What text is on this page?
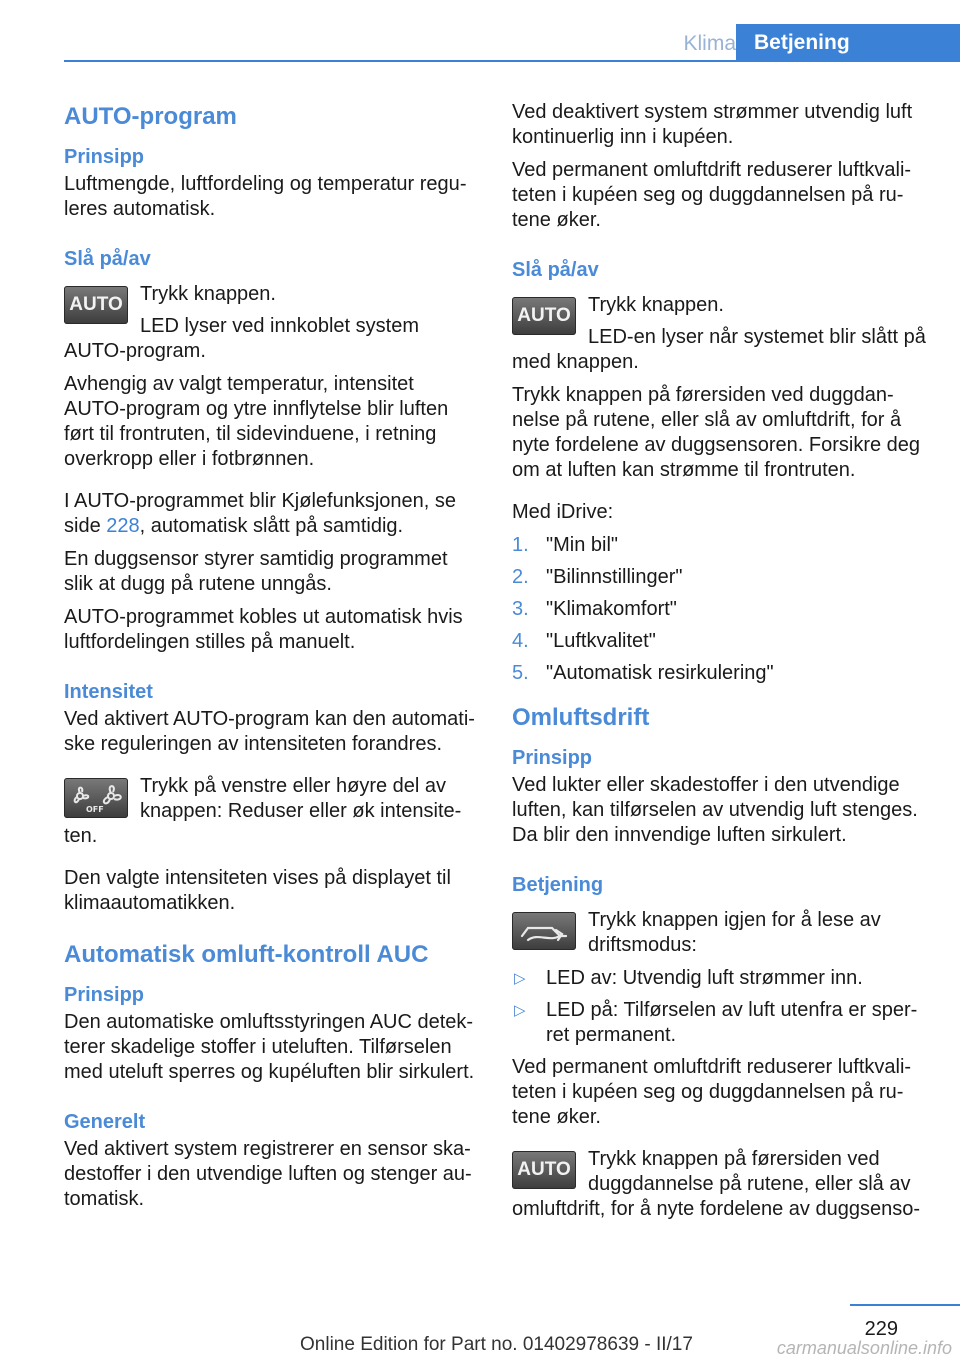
Klima Betjening
AUTO-program
Prinsipp

Luftmengde, luftfordeling og temperatur reguleres automatisk.

Slå på/av
AUTO Trykk knappen.

LED lyser ved innkoblet system AUTO-program.

Avhengig av valgt temperatur, intensitet AUTO-program og ytre innflytelse blir luften ført til frontruten, til sidevinduene, i retning overkropp eller i fotbrønnen.

I AUTO-programmet blir Kjølefunksjonen, se side 228, automatisk slått på samtidig.

En duggsensor styrer samtidig programmet slik at dugg på rutene unngås.

AUTO-programmet kobles ut automatisk hvis luftfordelingen stilles på manuelt.

Intensitet

Ved aktivert AUTO-program kan den automatiske reguleringen av intensiteten forandres.

OFF

Trykk på venstre eller høyre del av knappen: Reduser eller øk intensiteten.

Den valgte intensiteten vises på displayet til klimaautomatikken.

Automatisk omluft-kontroll AUC
Prinsipp

Den automatiske omluftsstyringen AUC detekterer skadelige stoffer i uteluften. Tilførselen med uteluft sperres og kupéluften blir sirkulert.

Generelt

Ved aktivert system registrerer en sensor skadestoffer i den utvendige luften og stenger automatisk.

Ved deaktivert system strømmer utvendig luft kontinuerlig inn i kupéen.

Ved permanent omluftdrift reduserer luftkvaliteten i kupéen seg og duggdannelsen på rutene øker.

Slå på/av
AUTO Trykk knappen.

LED-en lyser når systemet blir slått på med knappen.

Trykk knappen på førersiden ved duggdannelse på rutene, eller slå av omluftdrift, for å nyte fordelene av duggsensoren. Forsikre deg om at luften kan strømme til frontruten.

Med iDrive:

1. "Min bil"
2. "Bilinnstillinger"
3. "Klimakomfort"
4. "Luftkvalitet"
5. "Automatisk resirkulering"
Omluftsdrift
Prinsipp

Ved lukter eller skadestoffer i den utvendige luften, kan tilførselen av utvendig luft stenges. Da blir den innvendige luften sirkulert.

Betjening

Trykk knappen igjen for å lese av driftsmodus:

▷ LED av: Utvendig luft strømmer inn.
▷ LED på: Tilførselen av luft utenfra er sperret permanent.

Ved permanent omluftdrift reduserer luftkvaliteten i kupéen seg og duggdannelsen på rutene øker.

AUTO Trykk knappen på førersiden ved duggdannelse på rutene, eller slå av omluftdrift, for å nyte fordelene av duggsenso-

229
Online Edition for Part no. 01402978639 - II/17	carmanualsonline.info
